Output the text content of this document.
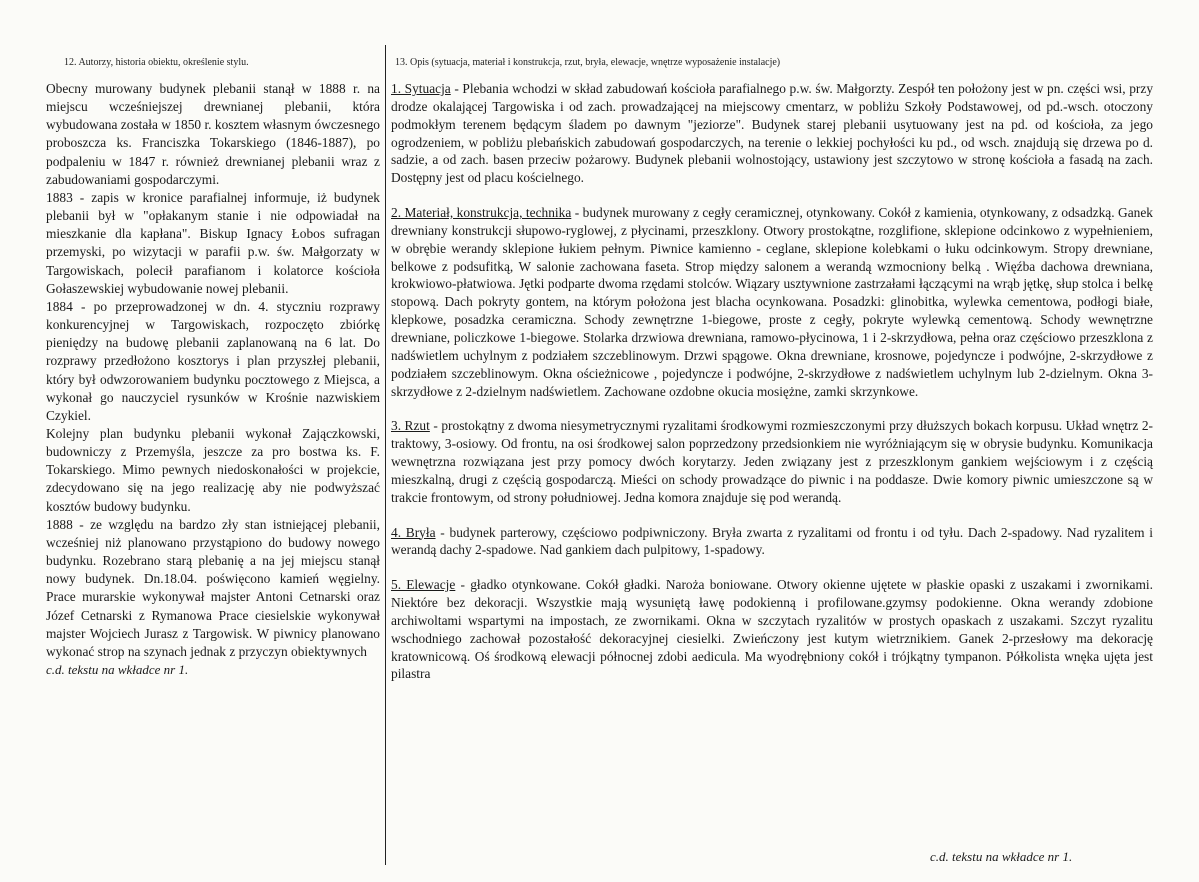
12. Autorzy, historia obiektu, określenie stylu.

Obecny murowany budynek plebanii stanął w 1888 r. na miejscu wcześniejszej drewnianej plebanii, która wybudowana została w 1850 r. kosztem własnym ówczesnego proboszcza ks. Franciszka Tokarskiego (1846-1887), po podpaleniu w 1847 r. również drewnianej plebanii wraz z zabudowaniami gospodarczymi.

1883 - zapis w kronice parafialnej informuje, iż budynek plebanii był w "opłakanym stanie i nie odpowiadał na mieszkanie dla kapłana". Biskup Ignacy Łobos sufragan przemyski, po wizytacji w parafii p.w. św. Małgorzaty w Targowiskach, polecił parafianom i kolatorce kościoła Gołaszewskiej wybudowanie nowej plebanii.

1884 - po przeprowadzonej w dn. 4. styczniu rozprawy konkurencyjnej w Targowiskach, rozpoczęto zbiórkę pieniędzy na budowę plebanii zaplanowaną na 6 lat. Do rozprawy przedłożono kosztorys i plan przyszłej plebanii, który był odwzorowaniem budynku pocztowego z Miejsca, a wykonał go nauczyciel rysunków w Krośnie nazwiskiem Czykiel.

Kolejny plan budynku plebanii wykonał Zajączkowski, budowniczy z Przemyśla, jeszcze za pro bostwa ks. F. Tokarskiego. Mimo pewnych niedoskonałości w projekcie, zdecydowano się na jego realizację aby nie podwyższać kosztów budowy budynku.

1888 - ze względu na bardzo zły stan istniejącej plebanii, wcześniej niż planowano przystąpiono do budowy nowego budynku. Rozebrano starą plebanię a na jej miejscu stanął nowy budynek. Dn.18.04. poświęcono kamień węgielny. Prace murarskie wykonywał majster Antoni Cetnarski oraz Józef Cetnarski z Rymanowa Prace ciesielskie wykonywał majster Wojciech Jurasz z Targowisk. W piwnicy planowano wykonać strop na szynach jednak z przyczyn obiektywnych

c.d. tekstu na wkładce nr 1.

13. Opis (sytuacja, materiał i konstrukcja, rzut, bryła, elewacje, wnętrze wyposażenie instalacje)

1. Sytuacja - Plebania wchodzi w skład zabudowań kościoła parafialnego p.w. św. Małgorzty. Zespół ten położony jest w pn. części wsi, przy drodze okalającej Targowiska i od zach. prowadzającej na miejscowy cmentarz, w pobliżu Szkoły Podstawowej, od pd.-wsch. otoczony podmokłym terenem będącym śladem po dawnym "jeziorze". Budynek starej plebanii usytuowany jest na pd. od kościoła, za jego ogrodzeniem, w pobliżu plebańskich zabudowań gospodarczych, na terenie o lekkiej pochyłości ku pd., od wsch. znajdują się drzewa po d. sadzie, a od zach. basen przeciw pożarowy. Budynek plebanii wolnostojący, ustawiony jest szczytowo w stronę kościoła a fasadą na zach. Dostępny jest od placu kościelnego.

2. Materiał, konstrukcja, technika - budynek murowany z cegły ceramicznej, otynkowany. Cokół z kamienia, otynkowany, z odsadzką. Ganek drewniany konstrukcji słupowo-ryglowej, z płycinami, przeszklony. Otwory prostokątne, rozglifione, sklepione odcinkowo z wypełnieniem, w obrębie werandy sklepione łukiem pełnym. Piwnice kamienno - ceglane, sklepione kolebkami o łuku odcinkowym. Stropy drewniane, belkowe z podsufitką, W salonie zachowana faseta. Strop między salonem a werandą wzmocniony belką . Więźba dachowa drewniana, krokwiowo-płatwiowa. Jętki podparte dwoma rzędami stolców. Wiązary usztywnione zastrzałami łączącymi na wrąb jętkę, słup stolca i belkę stopową. Dach pokryty gontem, na którym położona jest blacha ocynkowana. Posadzki: glinobitka, wylewka cementowa, podłogi białe, klepkowe, posadzka ceramiczna. Schody zewnętrzne 1-biegowe, proste z cegły, pokryte wylewką cementową. Schody wewnętrzne drewniane, policzkowe 1-biegowe. Stolarka drzwiowa drewniana, ramowo-płycinowa, 1 i 2-skrzydłowa, pełna oraz częściowo przeszklona z nadświetlem uchylnym z podziałem szczeblinowym. Drzwi spągowe. Okna drewniane, krosnowe, pojedyncze i podwójne, 2-skrzydłowe z podziałem szczeblinowym. Okna ościeżnicowe , pojedyncze i podwójne, 2-skrzydłowe z nadświetlem uchylnym lub 2-dzielnym. Okna 3-skrzydłowe z 2-dzielnym nadświetlem. Zachowane ozdobne okucia mosiężne, zamki skrzynkowe.

3. Rzut - prostokątny z dwoma niesymetrycznymi ryzalitami środkowymi rozmieszczonymi przy dłuższych bokach korpusu. Układ wnętrz 2-traktowy, 3-osiowy. Od frontu, na osi środkowej salon poprzedzony przedsionkiem nie wyróżniającym się w obrysie budynku. Komunikacja wewnętrzna rozwiązana jest przy pomocy dwóch korytarzy. Jeden związany jest z przeszklonym gankiem wejściowym i z częścią mieszkalną, drugi z częścią gospodarczą. Mieści on schody prowadzące do piwnic i na poddasze. Dwie komory piwnic umieszczone są w trakcie frontowym, od strony południowej. Jedna komora znajduje się pod werandą.

4. Bryła - budynek parterowy, częściowo podpiwniczony. Bryła zwarta z ryzalitami od frontu i od tyłu. Dach 2-spadowy. Nad ryzalitem i werandą dachy 2-spadowe. Nad gankiem dach pulpitowy, 1-spadowy.

5. Elewacje - gładko otynkowane. Cokół gładki. Naroża boniowane. Otwory okienne ujętete w płaskie opaski z uszakami i zwornikami. Niektóre bez dekoracji. Wszystkie mają wysuniętą ławę podokienną i profilowane.gzymsy podokienne. Okna werandy zdobione archiwoltami wspartymi na impostach, ze zwornikami. Okna w szczytach ryzalitów w prostych opaskach z uszakami. Szczyt ryzalitu wschodniego zachował pozostałość dekoracyjnej ciesielki. Zwieńczony jest kutym wietrznikiem. Ganek 2-przesłowy ma dekorację kratownicową. Oś środkową elewacji północnej zdobi aedicula. Ma wyodrębniony cokół i trójkątny tympanon. Półkolista wnęka ujęta jest pilastra

c.d. tekstu na wkładce nr 1.
